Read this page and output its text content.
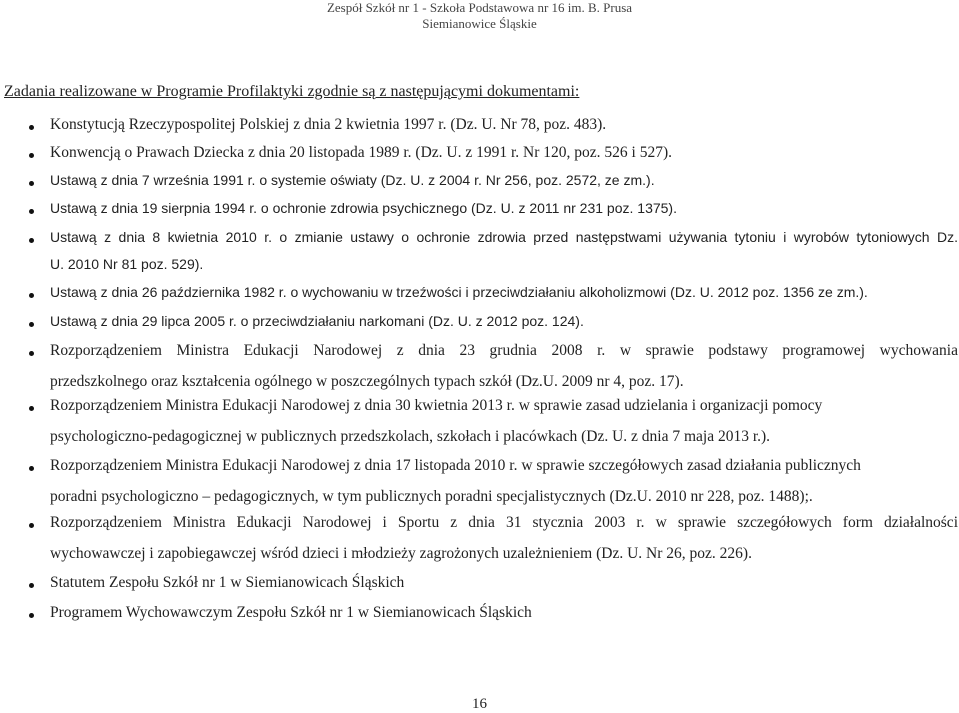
Zespół Szkół nr 1 - Szkoła Podstawowa nr 16 im. B. Prusa
Siemianowice Śląskie
Zadania realizowane w Programie Profilaktyki zgodnie są z następującymi dokumentami:
Konstytucją Rzeczypospolitej Polskiej z dnia 2 kwietnia 1997 r. (Dz. U. Nr 78, poz. 483).
Konwencją o Prawach Dziecka z dnia 20 listopada 1989 r. (Dz. U. z 1991 r. Nr 120, poz. 526 i 527).
Ustawą z dnia 7 września 1991 r. o systemie oświaty (Dz. U. z 2004 r. Nr 256, poz. 2572, ze zm.).
Ustawą z dnia 19 sierpnia 1994 r. o ochronie zdrowia psychicznego (Dz. U. z 2011 nr 231 poz. 1375).
Ustawą z dnia 8 kwietnia 2010 r. o zmianie ustawy o ochronie zdrowia przed następstwami używania tytoniu i wyrobów tytoniowych Dz.
U. 2010 Nr 81 poz. 529).
Ustawą z dnia 26 października 1982 r. o wychowaniu w trzeźwości i przeciwdziałaniu alkoholizmowi (Dz. U. 2012 poz. 1356 ze zm.).
Ustawą z dnia 29 lipca 2005 r. o przeciwdziałaniu narkomani (Dz. U. z 2012 poz. 124).
Rozporządzeniem Ministra Edukacji Narodowej z dnia 23 grudnia 2008 r. w sprawie podstawy programowej wychowania
przedszkolnego oraz kształcenia ogólnego w poszczególnych typach szkół (Dz.U. 2009 nr 4, poz. 17).
Rozporządzeniem Ministra Edukacji Narodowej z dnia 30 kwietnia 2013 r. w sprawie zasad udzielania i organizacji pomocy
psychologiczno-pedagogicznej w publicznych przedszkolach, szkołach i placówkach (Dz. U. z dnia 7 maja 2013 r.).
Rozporządzeniem Ministra Edukacji Narodowej z dnia 17 listopada 2010 r. w sprawie szczegółowych zasad działania publicznych
poradni psychologiczno – pedagogicznych, w tym publicznych poradni specjalistycznych (Dz.U. 2010 nr 228, poz. 1488);.
Rozporządzeniem Ministra Edukacji Narodowej i Sportu z dnia 31 stycznia 2003 r. w sprawie szczegółowych form działalności
wychowawczej i zapobiegawczej wśród dzieci i młodzieży zagrożonych uzależnieniem (Dz. U. Nr 26, poz. 226).
Statutem Zespołu Szkół nr 1 w Siemianowicach Śląskich
Programem Wychowawczym Zespołu Szkół nr 1 w Siemianowicach Śląskich
16
